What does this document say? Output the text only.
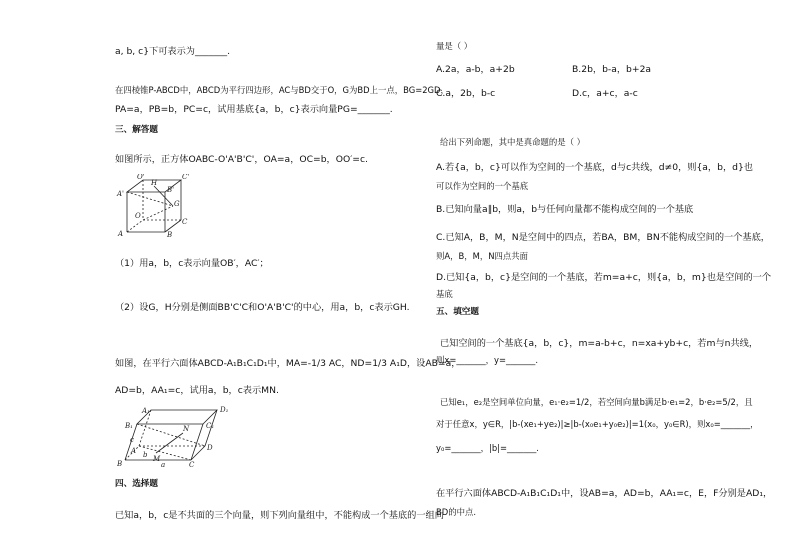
a, b, c}下可表示为_______.
在四棱锥P-ABCD中，ABCD为平行四边形，AC与BD交于O，G为BD上一点，BG=2GD，
PA=a，PB=b，PC=c，试用基底{a，b，c}表示向量PG=_______.
三、解答题
如图所示，正方体OABC-O'A'B'C'，OA=a，OC=b，OO′=c.
O'	C'
A'	B'
G
H
O
C
A	B
（1）用a，b，c表示向量OB′，AC′；
（2）设G，H分别是侧面BB'C'C和O'A'B'C'的中心，用a，b，c表示GH.
如图，在平行六面体ABCD-A₁B₁C₁D₁中，MA=-1/3 AC，ND=1/3 A₁D，设AB=a，
AD=b，AA₁=c，试用a，b，c表示MN.
D₁
C₁
B₁
A₁
N
D
c
C
A
M
B
b
a
四、选择题
已知a，b，c是不共面的三个向量，则下列向量组中，不能构成一个基底的一组向
量是（ ）
A.2a，a-b，a+2b	B.2b，b-a，b+2a
C.a，2b，b-c	D.c，a+c，a-c
给出下列命题，其中是真命题的是（ ）
A.若{a，b，c}可以作为空间的一个基底，d与c共线，d≠0，则{a，b，d}也
可以作为空间的一个基底
B.已知向量a∥b，则a，b与任何向量都不能构成空间的一个基底
C.已知A，B，M，N是空间中的四点，若BA，BM，BN不能构成空间的一个基底，
则A，B，M，N四点共面
D.已知{a，b，c}是空间的一个基底，若m=a+c，则{a，b，m}也是空间的一个
基底
五、填空题
已知空间的一个基底{a，b，c}，m=a-b+c，n=xa+yb+c，若m与n共线，
则x=_______，y=_______.
已知e₁，e₂是空间单位向量，e₁·e₂=1/2，若空间向量b满足b·e₁=2，b·e₂=5/2，且
对于任意x，y∈R，|b-(xe₁+ye₂)|≥|b-(x₀e₁+y₀e₂)|=1(x₀，y₀∈R)，则x₀=_______，
y₀=_______，|b|=_______.
在平行六面体ABCD-A₁B₁C₁D₁中，设AB=a，AD=b，AA₁=c，E，F分别是AD₁，
BD的中点.
